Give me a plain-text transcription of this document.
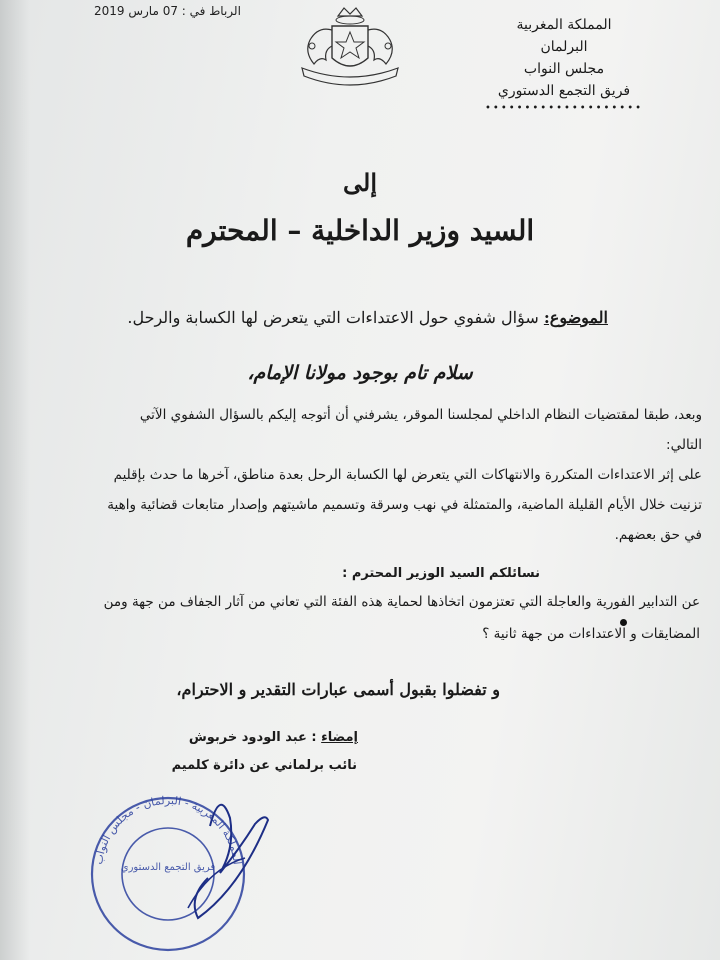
الرباط في : 07 مارس 2019
المملكة المغربية
البرلمان
مجلس النواب
فريق التجمع الدستوري
••••••••••••••••••••
إلى
السيد وزير الداخلية – المحترم
الموضوع: سؤال شفوي حول الاعتداءات التي يتعرض لها الكسابة والرحل.
سلام تام بوجود مولانا الإمام،
وبعد، طبقا لمقتضيات النظام الداخلي لمجلسنا الموقر، يشرفني أن أتوجه إليكم بالسؤال الشفوي الآتي التالي:
على إثر الاعتداءات المتكررة والانتهاكات التي يتعرض لها الكسابة الرحل بعدة مناطق، آخرها ما حدث بإقليم تزنيت خلال الأيام القليلة الماضية، والمتمثلة في نهب وسرقة وتسميم ماشيتهم وإصدار متابعات قضائية واهية في حق بعضهم.
نسائلكم السيد الوزير المحترم :
عن التدابير الفورية والعاجلة التي تعتزمون اتخاذها لحماية هذه الفئة التي تعاني من آثار الجفاف من جهة ومن المضايقات و الاعتداءات من جهة ثانية ؟
و تفضلوا بقبول أسمى عبارات التقدير و الاحترام،
إمضاء : عبد الودود خربوش
نائب برلماني عن دائرة كلميم
المملكة المغربية - البرلمان - مجلس النواب
فريق التجمع الدستوري
